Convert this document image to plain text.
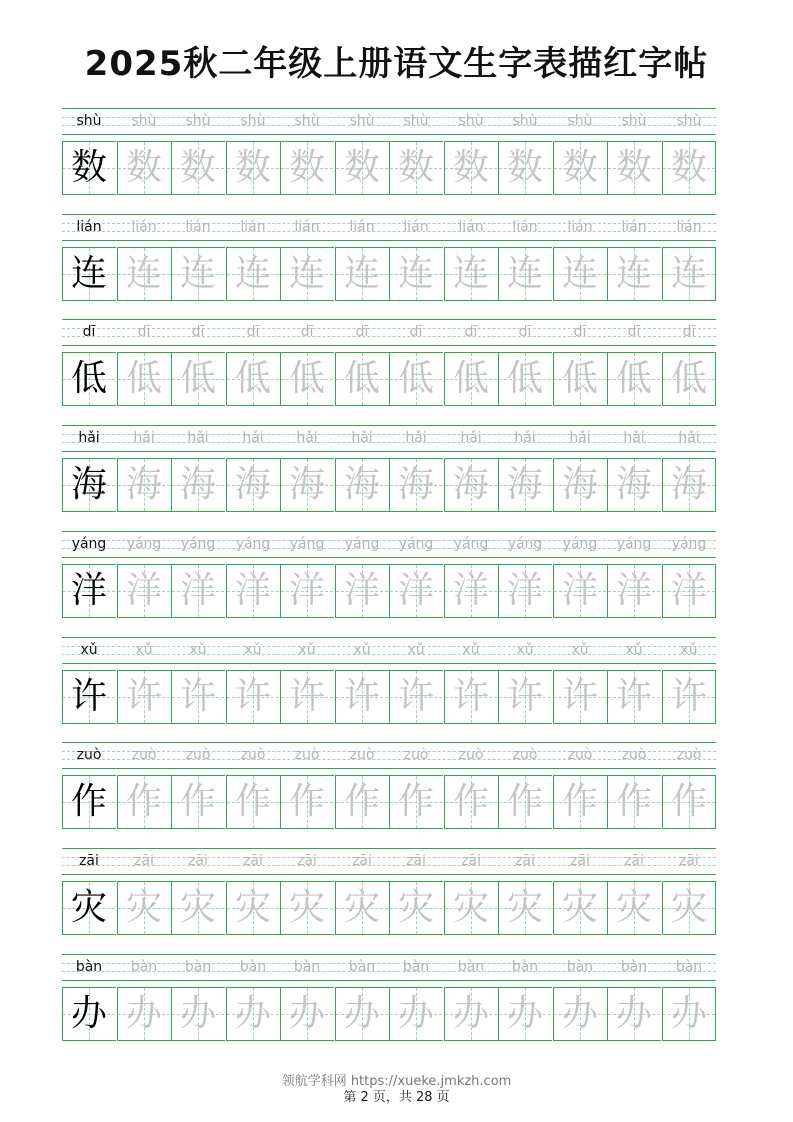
2025秋二年级上册语文生字表描红字帖
shù	shù	shù	shù	shù	shù	shù	shù	shù	shù	shù	shù
数 数 数 数 数 数 数 数 数 数 数 数
lián	lián	lián	lián	lián	lián	lián	lián	lián	lián	lián	lián
连 连 连 连 连 连 连 连 连 连 连 连
dī	dī	dī	dī	dī	dī	dī	dī	dī	dī	dī	dī
低 低 低 低 低 低 低 低 低 低 低 低
hǎi	hǎi	hǎi	hǎi	hǎi	hǎi	hǎi	hǎi	hǎi	hǎi	hǎi	hǎi
海 海 海 海 海 海 海 海 海 海 海 海
yáng	yáng	yáng	yáng	yáng	yáng	yáng	yáng	yáng	yáng	yáng	yáng
洋 洋 洋 洋 洋 洋 洋 洋 洋 洋 洋 洋
xǔ	xǔ	xǔ	xǔ	xǔ	xǔ	xǔ	xǔ	xǔ	xǔ	xǔ	xǔ
许 许 许 许 许 许 许 许 许 许 许 许
zuò	zuò	zuò	zuò	zuò	zuò	zuò	zuò	zuò	zuò	zuò	zuò
作 作 作 作 作 作 作 作 作 作 作 作
zāi	zāi	zāi	zāi	zāi	zāi	zāi	zāi	zāi	zāi	zāi	zāi
灾 灾 灾 灾 灾 灾 灾 灾 灾 灾 灾 灾
bàn	bàn	bàn	bàn	bàn	bàn	bàn	bàn	bàn	bàn	bàn	bàn
办 办 办 办 办 办 办 办 办 办 办 办
领航学科网 https://xueke.jmkzh.com
第 2 页，共 28 页
